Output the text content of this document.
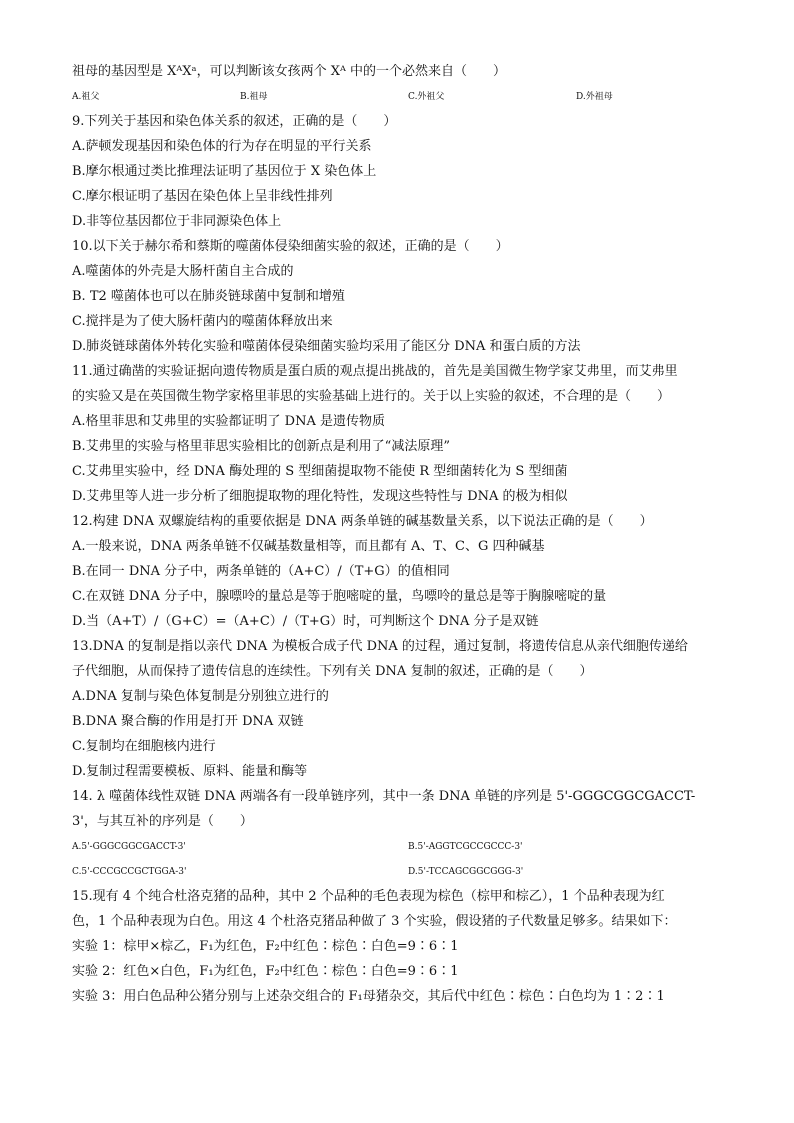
祖母的基因型是 XᴬXᵃ，可以判断该女孩两个 Xᴬ 中的一个必然来自（　　）
A.祖父	B.祖母	C.外祖父	D.外祖母
9.下列关于基因和染色体关系的叙述，正确的是（　　）
A.萨顿发现基因和染色体的行为存在明显的平行关系
B.摩尔根通过类比推理法证明了基因位于 X 染色体上
C.摩尔根证明了基因在染色体上呈非线性排列
D.非等位基因都位于非同源染色体上
10.以下关于赫尔希和蔡斯的噬菌体侵染细菌实验的叙述，正确的是（　　）
A.噬菌体的外壳是大肠杆菌自主合成的
B. T2 噬菌体也可以在肺炎链球菌中复制和增殖
C.搅拌是为了使大肠杆菌内的噬菌体释放出来
D.肺炎链球菌体外转化实验和噬菌体侵染细菌实验均采用了能区分 DNA 和蛋白质的方法
11.通过确凿的实验证据向遗传物质是蛋白质的观点提出挑战的，首先是美国微生物学家艾弗里，而艾弗里
的实验又是在英国微生物学家格里菲思的实验基础上进行的。关于以上实验的叙述，不合理的是（　　）
A.格里菲思和艾弗里的实验都证明了 DNA 是遗传物质
B.艾弗里的实验与格里菲思实验相比的创新点是利用了“减法原理”
C.艾弗里实验中，经 DNA 酶处理的 S 型细菌提取物不能使 R 型细菌转化为 S 型细菌
D.艾弗里等人进一步分析了细胞提取物的理化特性，发现这些特性与 DNA 的极为相似
12.构建 DNA 双螺旋结构的重要依据是 DNA 两条单链的碱基数量关系，以下说法正确的是（　　）
A.一般来说，DNA 两条单链不仅碱基数量相等，而且都有 A、T、C、G 四种碱基
B.在同一 DNA 分子中，两条单链的（A+C）/（T+G）的值相同
C.在双链 DNA 分子中，腺嘌呤的量总是等于胞嘧啶的量，鸟嘌呤的量总是等于胸腺嘧啶的量
D.当（A+T）/（G+C）=（A+C）/（T+G）时，可判断这个 DNA 分子是双链
13.DNA 的复制是指以亲代 DNA 为模板合成子代 DNA 的过程，通过复制，将遗传信息从亲代细胞传递给
子代细胞，从而保持了遗传信息的连续性。下列有关 DNA 复制的叙述，正确的是（　　）
A.DNA 复制与染色体复制是分别独立进行的
B.DNA 聚合酶的作用是打开 DNA 双链
C.复制均在细胞核内进行
D.复制过程需要模板、原料、能量和酶等
14. λ 噬菌体线性双链 DNA 两端各有一段单链序列，其中一条 DNA 单链的序列是 5'-GGGCGGCGACCT-
3'，与其互补的序列是（　　）
A.5'-GGGCGGCGACCT-3'	B.5'-AGGTCGCCGCCC-3'
C.5'-CCCGCCGCTGGA-3'	D.5'-TCCAGCGGCGGG-3'
15.现有 4 个纯合杜洛克猪的品种，其中 2 个品种的毛色表现为棕色（棕甲和棕乙），1 个品种表现为红
色，1 个品种表现为白色。用这 4 个杜洛克猪品种做了 3 个实验，假设猪的子代数量足够多。结果如下：
实验 1：棕甲×棕乙，F₁为红色，F₂中红色∶棕色∶白色=9∶6∶1
实验 2：红色×白色，F₁为红色，F₂中红色∶棕色∶白色=9∶6∶1
实验 3：用白色品种公猪分别与上述杂交组合的 F₁母猪杂交，其后代中红色∶棕色∶白色均为 1∶2∶1
